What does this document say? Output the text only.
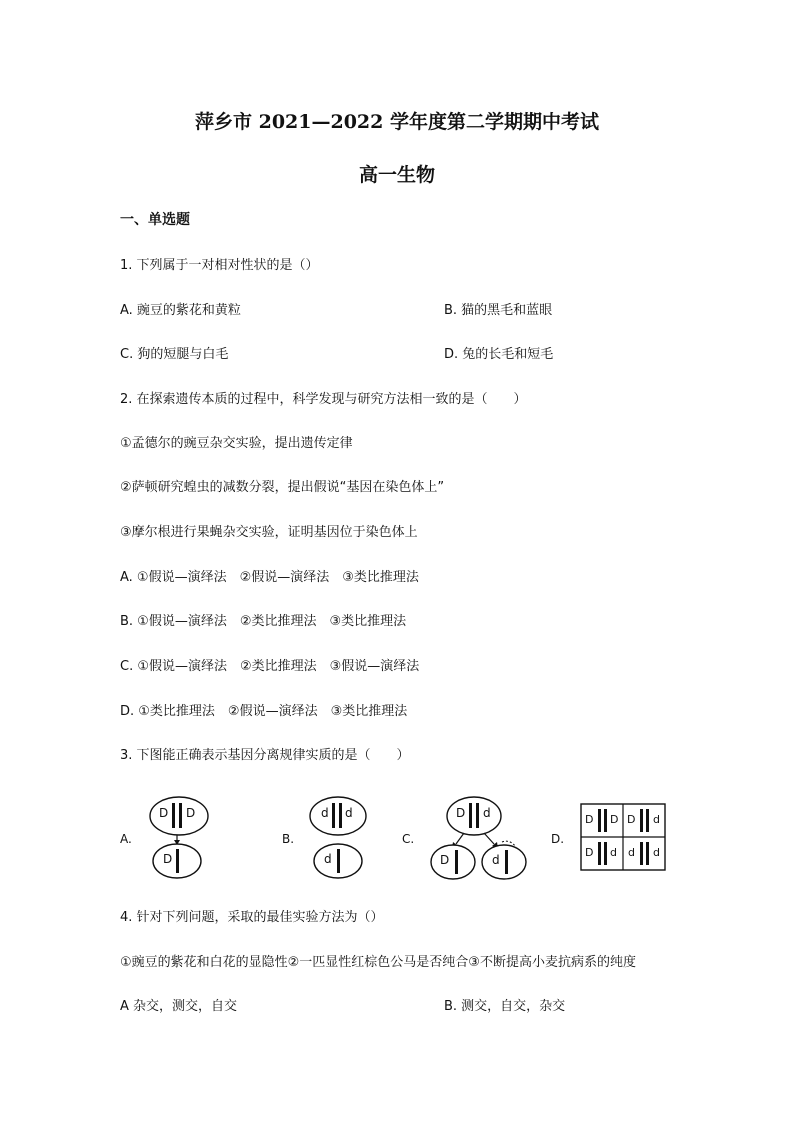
萍乡市 2021—2022 学年度第二学期期中考试
高一生物
一、单选题
1. 下列属于一对相对性状的是（）
A. 豌豆的紫花和黄粒	B. 猫的黑毛和蓝眼
C. 狗的短腿与白毛	D. 兔的长毛和短毛
2. 在探索遗传本质的过程中，科学发现与研究方法相一致的是（　　）
①孟德尔的豌豆杂交实验，提出遗传定律
②萨顿研究蝗虫的减数分裂，提出假说“基因在染色体上”
③摩尔根进行果蝇杂交实验，证明基因位于染色体上
A. ①假说—演绎法　②假说—演绎法　③类比推理法
B. ①假说—演绎法　②类比推理法　③类比推理法
C. ①假说—演绎法　②类比推理法　③假说—演绎法
D. ①类比推理法　②假说—演绎法　③类比推理法
3. 下图能正确表示基因分离规律实质的是（　　）
A.	B.	C.	D.
D D
D
d d
d
D d
D	d
D D D d
D d d d
4. 针对下列问题，采取的最佳实验方法为（）
①豌豆的紫花和白花的显隐性②一匹显性红棕色公马是否纯合③不断提高小麦抗病系的纯度
A 杂交，测交，自交	B. 测交，自交，杂交
